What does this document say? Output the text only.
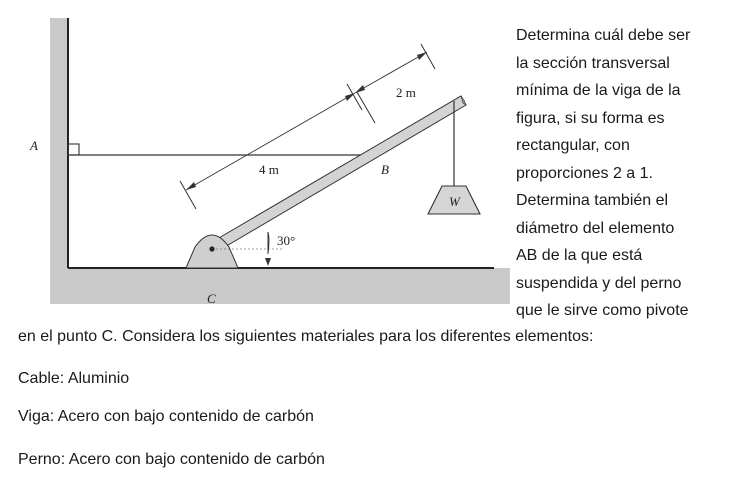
A
B
C
W
2 m
4 m
30°
Determina cuál debe ser
la sección transversal
mínima de la viga de la
figura, si su forma es
rectangular, con
proporciones 2 a 1.
Determina también el
diámetro del elemento
AB de la que está
suspendida y del perno
que le sirve como pivote
en el punto C. Considera los siguientes materiales para los diferentes elementos:
Cable: Aluminio
Viga: Acero con bajo contenido de carbón
Perno: Acero con bajo contenido de carbón
